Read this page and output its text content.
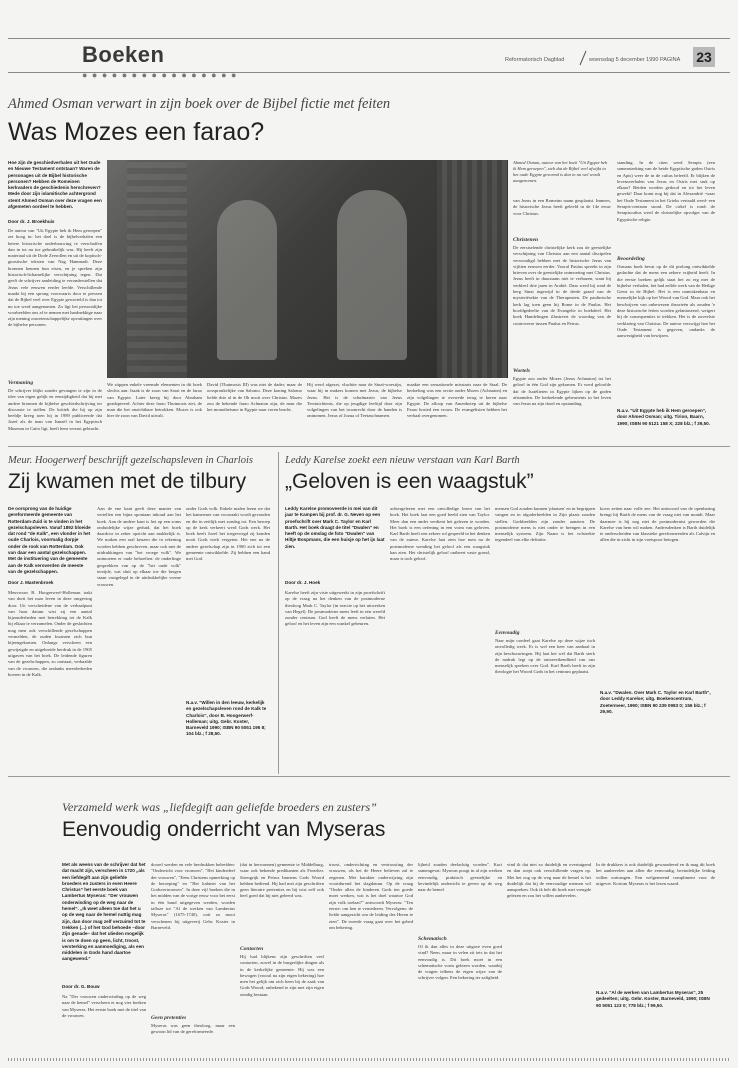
Boeken
● ● ● ● ● ● ● ● ● ● ● ● ● ● ● ●
Reformatorisch Dagblad	woensdag 5 december 1990 PAGINA 23
Ahmed Osman verwart in zijn boek over de Bijbel fictie met feiten
Was Mozes een farao?
Hoe zijn de geschiedverhalen uit het Oude en Nieuwe Testament ontstaan? Waren de personages uit de Bijbel historische personen? Hebben de Romeinen kerkvaders de geschiedenis herschreven? Mede door zijn islamitische achtergrond stemt Ahmed Osman over deze vragen een afgemeten oordeel te hebben.
Door dr. J. Broekhuis
De auteur van "Uit Egypte heb ik Hem geroepen" zet hoog in: het doel is de bijbelverhalen een betere historische onderbouwing te verschaffen dan in tot nu toe gebruikelijk was. Hij heeft zijn materiaal uit de Dode Zeerollen en uit de koptisch-gnostische teksten van Nag Hammadi. Deze bronnen kennen hun eisen, en je spreken zijn historisch-lichamelijke verschijning tegen. Dat geeft de schrijver aanleiding te veronderstellen dat Jezus vele eeuwen eerder leefde. Verschillende maakt hij een sprong voorwaarts door te pressen dat de Bijbel veel over Egypte geworteld is dan tot nu toe werd aangenomen. Zo ligt het persoonlijke voorbeelden ons af te nemen met hardnekkige naar zijn mening onwetenschappelijke opvattingen over de bijbelse personen.
Vermaning
De schrijver blijkt zonder gevangen te zijn in de idee van eigen gelijk en eenzijdigheid dat hij met andere bronnen de bijbelse geschiedschrijving ter discussie te stellen. De kritiek die hij op zijn beeldje kreeg toen hij in 1989 publiceerde dat Jozef als de man van Ismaël in het Egyptisch Museum in Caïro ligt, heeft hem verrast gebracht.
We stippen enkele vreemde elementen in dit boek slechts aan: Isaak is de zoon van Sarai en de farao van Egypte. Later kreeg hij door Abraham geadopteerd. Achter deze farao Thutmosis ziet, de man die het onzichtbare betrokken. Mozes is ook hier de zoon van David uitvalt.
David (Thutmosis III) was niet de dader, maar de oorspronkelijke van Salomo. Deze koning Salomo liefde drie al in de Oh nooit over Christus. Mozes zou de bekende farao Achnaton zijn, de man die het monotheïsme in Egypte naar voren bracht.
Hij werd afgezet, vluchtte naar de Sinaï-woestijn, waar hij in makers komen met Jezus, de bijbelse Jezus. Het is de schulmaster van Jezus Terstuichienis, die op jeugdige leeftijd door zijn volgelingen van het troonrecht door de handen is ontnomen. Jezus of Jozua of Teetzuchnamen.
maakte een sensationele misstarts naar de Staal. De bedoeling was een sectie onder Mozes (Achnaton) en zijn volgelingen te overrede terug te keren naar Egypte. De afloop van Amenhotep uit de bijbelse Farao hosted een vrouw. De evangelisten hebben het verhaal overgenomen.
Ahmed Osman, auteur van het boek "Uit Egypte heb ik Hem geroepen", stelt dat de Bijbel veel afwijkt in het oude Egypte gevormd is dan in nu wel wordt aangenomen.
van Jezus in een Romeins naam gesplaatst. Immers, de historische Jezus heeft geleefd in de 14e eeuw voor Christus.
Christenen
De eerstselende christelijke kerk zou de geestelijke verschijning van Christus aan een aantal discipelen verwondigd hebben met de historische Jezus van vijftien eeuwen eerder. Vooral Paulus spreekt in zijn brieven over de geestelijke ontmoeting met Christus. Jezus heeft in duurzaam niet te verbazen, want hij verbleef drie jaren in Arabië. Daar werd hij rond de berg Sinai ingewijd in de derde graad van de mysteriësekte van de Therapeuten. De paulinische kerk lag toen geen hij Rome in de Paulus. Het hoofdgedeelte van de Evangelie in boekdeel. Het boek Handelingen illustreert de woordag van de controverse tussen Paulus en Petrus.
Wortels
Egypte zou onder Mozes (Jezus Achnaton) tot het geloof in één God zijn gekomen. Er werd geloofde dat de Israëlieten in Egypte lijken op de goden afstamden. De bedoelende gebeurtenis in het leven van Jezus na zijn dood en opstanding.
standing. In de citen werd Serapis (een samenstreking van de beide Egyptische goden Osiris en Apis) weer de in de cultus beleefd. Er blijken de levensverhalen van Jezus en Osiris met stuk op elkaar? Beiden worden gedood en tot het leven gewekt! Daar komt nog bij dat in Alexandrië -waar het Oude Testament in het Grieks vertaald werd- een Serapis-centrum stond. De cirkel is rond: de Serapiscultus werd de christelijke opvolger van de Egyptische religie.
Beoordeling
Osmans boek bevat op de dit prolong ontwikkelde gedachte dat de mens een zekere vrijheid heeft. In die eerste boeken gelijk staat het zo erg met de bijbelse verhalen, het had zelfde werk van de Heilige Geest in de Bijbel. Het is een onmiskenbaar en menselijke kijk op het Woord van God. Maar ook het beschrijven van onbewezen theorieën als zouden 'e deze historische feiten worden gefantaseerd, weigert hij de consequenties te trekken. Het is de zoveelste verklaring van Christus. De auteur verzwijgt hoe het Oude Testament is gegeven, ondanks de aanwezigheid van bewijzen.
N.a.v. "Uit Egypte heb ik Hem geroepen", door Ahmed Osman; uitg. Tirion, Baarn, 1990; ISBN 90 5121 158 X; 228 blz.; f 39,50.
Meur. Hoogerwerf beschrijft gezelschapsleven in Charlois
Zij kwamen met de tilbury
De oorsprong van de huidige gereformeerde gemeente van Rotterdam-Zuid is te vinden in het gezelschapsleven. Vanaf 1892 bloeide dat rond "de Kalk", een vlonder in het oude Charlois, voormalig dorpje onder de rook van Rotterdam. Ook van daar een aantal gezelschappen. Met de instituering van de gemeente aan de Kalk veroverden de meeste van de gezelschappen.
Door J. Mastenbroek
Meuvrouw B. Hoogerwerf-Holleman trakt van dorti het naar leven in deze omgeving door. Uit verscheidene van de verhaalpunt van haar datum wist zij een aantal bijzonderheden met betrekking tot de Kalk bij elkaar te verzamelen. Onder de geslachten mag men ook verschillende gezelschappen vermelden, de ouden kwamen zich hun bijeengekomen. Onlangs verscheen een gewijzigde en uitgebreide herdruk in de 1905 uitgaven van het boek. De leidende figuren van de gezelschappen, zo ontstaat, verbaalde van de vrouwen, die ondanks meerderheden boeren in de Kalk.
Aan de ene kant geeft deze manier van vertellen een bijna spontaan inhoud aan het boek. Aan de andere kant is het op een soms onduidelijke wijze geduid, dat het boek daardoor in zeker opzicht aan makkelijk is. We maken een aral keuzen die in rekening worden hebben geschreven, maar ook met de uitdrukkingen van "het vroege volk". We ontmoeten er oude behoeften: de onderlinge gesprekken van op de "het oude volk" terzijde, wat sluit op elkaar toe die bergen staan vastgelegd in de uitdrukkelijke vrome vrouwen.
onder Gods volk. Enkele malen lezen we dat het kamermer van voorzaakt wordt gevonden en die in zeitlijk met zondag tot. Een beroep op de kerk verkeert werd Gods werk. Het boek heeft Jozef het toegevoegd zij konden nooit Gods werk vergeten. Het ene na de andere gezelschap zijn in 1900 zich tot een gemeente ontwikkelde. Zij hebben een band met God.
N.a.v. "Willen in den leeuw, kerkelijk en gezelschapsleven rond de Kalk te Charlois", door B. Hoogerwerf-Holleman; uitg. Gebr. Koster, Barneveld 1990; ISBN 90 5051 195 8; 104 blz.; f 28,50.
Leddy Karelse zoekt een nieuw verstaan van Karl Barth
„Geloven is een waagstuk”
Leddy Karelse promoveerde in mei van dit jaar te Kampen bij prof. dr. G. Neven op een proefschrift over Mark C. Taylor en Karl Barth. Het boek draagt de titel "Dwalen" en heeft op de omslag de foto "Dwalen" van Hiltje Bospmans, die een huisje op het ijs laat zien.
Door dr. J. Hoek
Karelse heeft zijn visie uitgewerkt in zijn proefschrift op de vraag na het denken van de postmoderne theoloog Mark C. Taylor (in reactie op het uitwerken van Hegel). De postmoderne mens leeft in een wereld zonder centrum. God heeft de mens verlaten. Het geloof en het leven zijn een wankel gebeuren.
achtergelezen met een onvolledige lezen van het boek. Het boek laat een goed beeld zien van Taylor. Meer dan een ander verdient het gelezen te worden. Het boek is een oefening in een vorm van geloven. Karl Barth heeft een zekere rol gespeeld in het denken van de auteur. Karelse laat zien hoe men na de postmoderne wending het geloof als een waagstuk kan zien. Het christelijk geloof ontbeert vaste grond, maar is toch geloof.
mensen God zouden kunnen 'plaatsen' en in begrippen vangen en in afgoderbeelden in Zijn plaats zouden stellen. Godsbeelden zijn zonder aanzien. De postmoderne mens is niet onder te brengen in een menselijk systeem. Zijn Naam is het volstrekte tegendeel van elke definitie.
Eenvoudig
Naar mijn oordeel gaat Karelse op deze wijze toch onvolledig werk. Er is wel een keer van aanhaal in zijn beschouwingen. Hij laat het wel dat Barth sterk de nadruk legt op de ontoereikendheid van ons menselijk spreken over God. Karl Barth heeft in zijn theologie het Woord Gods in het centrum geplaatst.
koers zetten naar volle zee. Het antwoord van de openbaring brengt bij Barth de mens van de vraag niet van mondt. Maar daarmee is hij nog niet de postmodernist geworden die Karelse van hem wil maken. Andersdenken is Barth duidelijk te onderscheiden van klassieke gereformeerden als Calvijn en allen die in zicht in zijn voetspoor betogen.
N.a.v. "Dwalen. Over Mark C. Taylor en Karl Barth", door Leddy Karelse; uitg. Boekencentrum, Zoetermeer, 1990; ISBN 90 239 0983 0; 156 blz.; f 29,90.
Verzameld werk was „liefdegift aan geliefde broeders en zusters”
Eenvoudig onderricht van Myseras
Met als weens van de schrijver dat het dat macht zijn, verscheen in 1720 „als een liefdegift aan zijn geliefde broeders en zusters in even Heere Christus” het eerste boek van Lambertus Myseras: “Der vrouwen onderwisding op de weg naar de hemel”. „Ik weet alleen toe dat het u op de weg naar de hemel nuttig mag zijn, dan door mag zelf verzuimd tot te trekken (...) of het God behoede –door Zijn genade– dat het ulieden mogelijk is om te doen op geen, licht, troost, versterking en aanmoediging, als een middelen in Gods hand daartoe aangewend.”
Door dr. G. Bouw
Na "Der vrouwen onderwisding op de weg naar de hemel" verscheen er nog vier boeken van Myseras. Het eerste boek met de titel van de vrouwen.
doorel werden en vele herdrukken beleefden: "Onderricht voor vrouwen", "Het kinderdeel der vrouwen", "Eens Christens opmerking op de beroeping" en "Het kabinet van het Godsvertrouwen". In deze vijf boeken die in het midden van de vorige eeuw voor het eerst in één band uitgegeven werden, worden talloze tot "Al de werken van Lambertus Myseras" (1675-1740), ooit zo mooi verschenen bij uitgeverij Gebr. Koster in Barneveld.
Geen pretenties
Myseras was geen theoloog, maar een gewoon lid van de gereformeerde.
(dat in herwonnen) gemeente te Middelburg, waar ook bekende predikanten als Frearlier. Strengrijk en Petrus Immens Gods Woord hebben bediend. Hij had met zijn geschriften geen literaire pretenties en hij wist zelf ook heel goed dat hij niet geleerd was.
Contacten
Hij had blijkens zijn geschriften veel contacten, zowel in de burgerlijke dingen als in de kerkelijke gemeente. Hij was een bewogen (vooral na zijn eigen bekering) hoe men het gelijk om zich heen bij de zaak van Gods Woord, onbekend te zijn met zijn eigen zondig bestaan.
troost, onderrichting en vertroosting der vrouwen, als het de Heere believen zal te zegenen. Met karakter onderwijzing zijn voortdurend het slagdatum. Op de vraag "Onder allen de kinderen Gods ten goede moet werken, wat is het doel waartoe God zijn volk toelaat?" antwoordt Myseras: "Ten eerste: om hen te vernederen. Vervolgens: de liefde aangezicht om de leiding des Heren te zien". De tweede vraag gaat over het gebed om bekering.
lijheid zouden deelachtig worden". Kort samengevat: Myseras poogt in al zijn werken eenvoudig, praktisch geestelijke en bevindelijk onderricht te geven op de weg naar de hemel.
Schematisch
Of ik dan alles in deze uitgave even goed vind? Neen, maar in velen zit iets in dat het eenvoudig is. Dit boek moet in een schematische vorm gelezen worden, waarbij de vragen telkens de eigen wijze van de schrijver volgen. Een bekering ter zaligheid.
vind ik dat niet zo duidelijk en overtuigend en dan roept ook verschillende vragen op. Met het oog op de weg naar de hemel is het duidelijk dat hij de eenvoudige mensen wil aanspreken. Ook ik heb dit boek met vreugde gelezen en zou het willen aanbevelen.
In de drukkers is ook duidelijk gewaardeerd en ik mag dit boek het aanbevelen aan allen die eenvoudig, bevindelijke leiding willen ontvangen. Een welgemeend compliment voor de uitgever. Kortom Myseras is het lezen waard.
N.a.v. "Al de werken van Lambertus Myseras", 25 gedeelten; uitg. Gebr. Koster, Barneveld, 1990; ISBN 90 5051 123 0; 778 blz.; f 99,50.
